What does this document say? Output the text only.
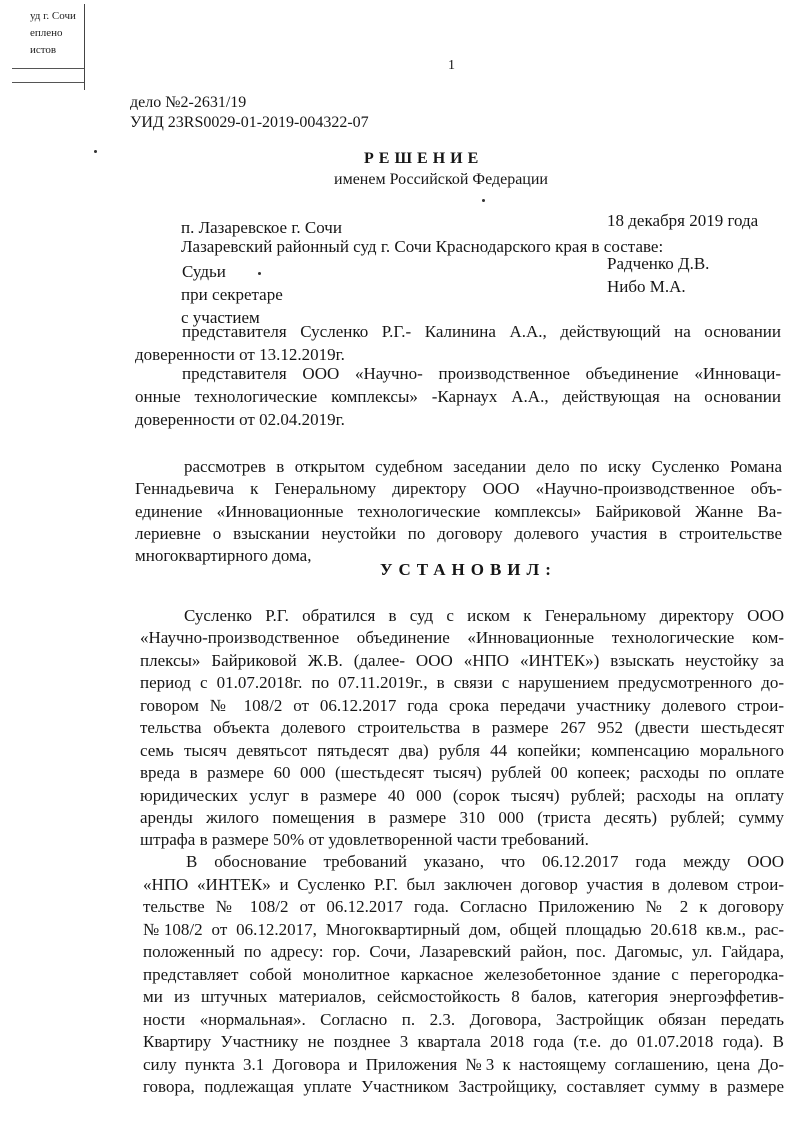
уд г. Сочи
еплено
истов
1
дело №2-2631/19
УИД 23RS0029-01-2019-004322-07
РЕШЕНИЕ
именем Российской Федерации
п. Лазаревское г. Сочи	18 декабря 2019 года
Лазаревский районный суд г. Сочи Краснодарского края в составе:
Судьи	Радченко Д.В.
при секретаре	Нибо М.А.
с участием
представителя Сусленко Р.Г.- Калинина А.А., действующий на основании
доверенности от 13.12.2019г.
представителя ООО «Научно- производственное объединение «Инноваци-
онные технологические комплексы» -Карнаух А.А., действующая на основании
доверенности от 02.04.2019г.
рассмотрев в открытом судебном заседании дело по иску Сусленко Романа
Геннадьевича к Генеральному директору ООО «Научно-производственное объ-
единение «Инновационные технологические комплексы» Байриковой Жанне Ва-
лериевне о взыскании неустойки по договору долевого участия в строительстве
многоквартирного дома,
УСТАНОВИЛ:
Сусленко Р.Г. обратился в суд с иском к Генеральному директору ООО
«Научно-производственное объединение «Инновационные технологические ком-
плексы» Байриковой Ж.В. (далее- ООО «НПО «ИНТЕК») взыскать неустойку за
период с 01.07.2018г. по 07.11.2019г., в связи с нарушением предусмотренного до-
говором № 108/2 от 06.12.2017 года срока передачи участнику долевого строи-
тельства объекта долевого строительства в размере 267 952 (двести шестьдесят
семь тысяч девятьсот пятьдесят два) рубля 44 копейки; компенсацию морального
вреда в размере 60 000 (шестьдесят тысяч) рублей 00 копеек; расходы по оплате
юридических услуг в размере 40 000 (сорок тысяч) рублей; расходы на оплату
аренды жилого помещения в размере 310 000 (триста десять) рублей; сумму
штрафа в размере 50% от удовлетворенной части требований.
В обоснование требований указано, что 06.12.2017 года между ООО
«НПО «ИНТЕК» и Сусленко Р.Г. был заключен договор участия в долевом строи-
тельстве № 108/2 от 06.12.2017 года. Согласно Приложению № 2 к договору
№108/2 от 06.12.2017, Многоквартирный дом, общей площадью 20.618 кв.м., рас-
положенный по адресу: гор. Сочи, Лазаревский район, пос. Дагомыс, ул. Гайдара,
представляет собой монолитное каркасное железобетонное здание с перегородка-
ми из штучных материалов, сейсмостойкость 8 балов, категория энергоэффетив-
ности «нормальная». Согласно п. 2.3. Договора, Застройщик обязан передать
Квартиру Участнику не позднее 3 квартала 2018 года (т.е. до 01.07.2018 года). В
силу пункта 3.1 Договора и Приложения №3 к настоящему соглашению, цена До-
говора, подлежащая уплате Участником Застройщику, составляет сумму в размере
